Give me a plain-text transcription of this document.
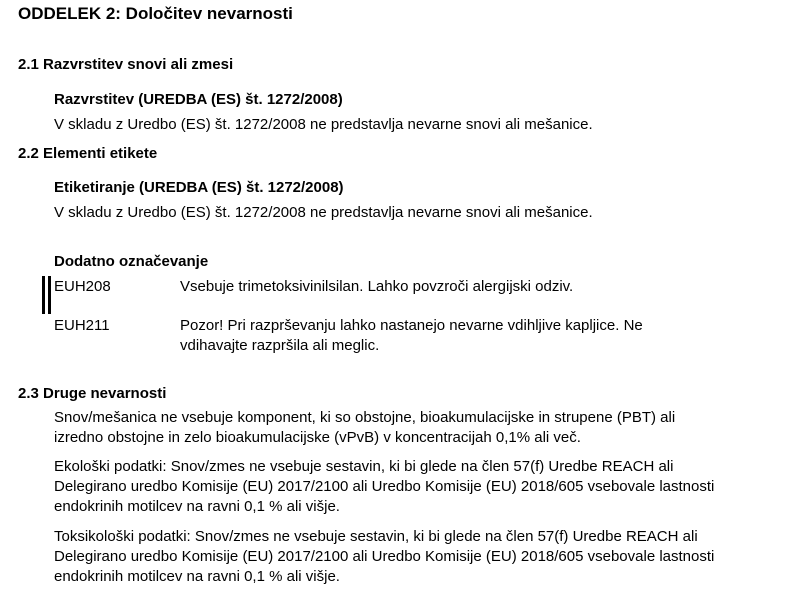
ODDELEK 2: Določitev nevarnosti
2.1 Razvrstitev snovi ali zmesi
Razvrstitev (UREDBA (ES) št. 1272/2008)
V skladu z Uredbo (ES) št. 1272/2008 ne predstavlja nevarne snovi ali mešanice.
2.2 Elementi etikete
Etiketiranje (UREDBA (ES) št. 1272/2008)
V skladu z Uredbo (ES) št. 1272/2008 ne predstavlja nevarne snovi ali mešanice.
Dodatno označevanje
EUH208	Vsebuje trimetoksivinilsilan. Lahko povzroči alergijski odziv.
EUH211	Pozor! Pri razprševanju lahko nastanejo nevarne vdihljive kapljice. Ne
vdihavajte razpršila ali meglic.
2.3 Druge nevarnosti
Snov/mešanica ne vsebuje komponent, ki so obstojne, bioakumulacijske in strupene (PBT) ali
izredno obstojne in zelo bioakumulacijske (vPvB) v koncentracijah 0,1% ali več.
Ekološki podatki: Snov/zmes ne vsebuje sestavin, ki bi glede na člen 57(f) Uredbe REACH ali
Delegirano uredbo Komisije (EU) 2017/2100 ali Uredbo Komisije (EU) 2018/605 vsebovale lastnosti
endokrinih motilcev na ravni 0,1 % ali višje.
Toksikološki podatki: Snov/zmes ne vsebuje sestavin, ki bi glede na člen 57(f) Uredbe REACH ali
Delegirano uredbo Komisije (EU) 2017/2100 ali Uredbo Komisije (EU) 2018/605 vsebovale lastnosti
endokrinih motilcev na ravni 0,1 % ali višje.
